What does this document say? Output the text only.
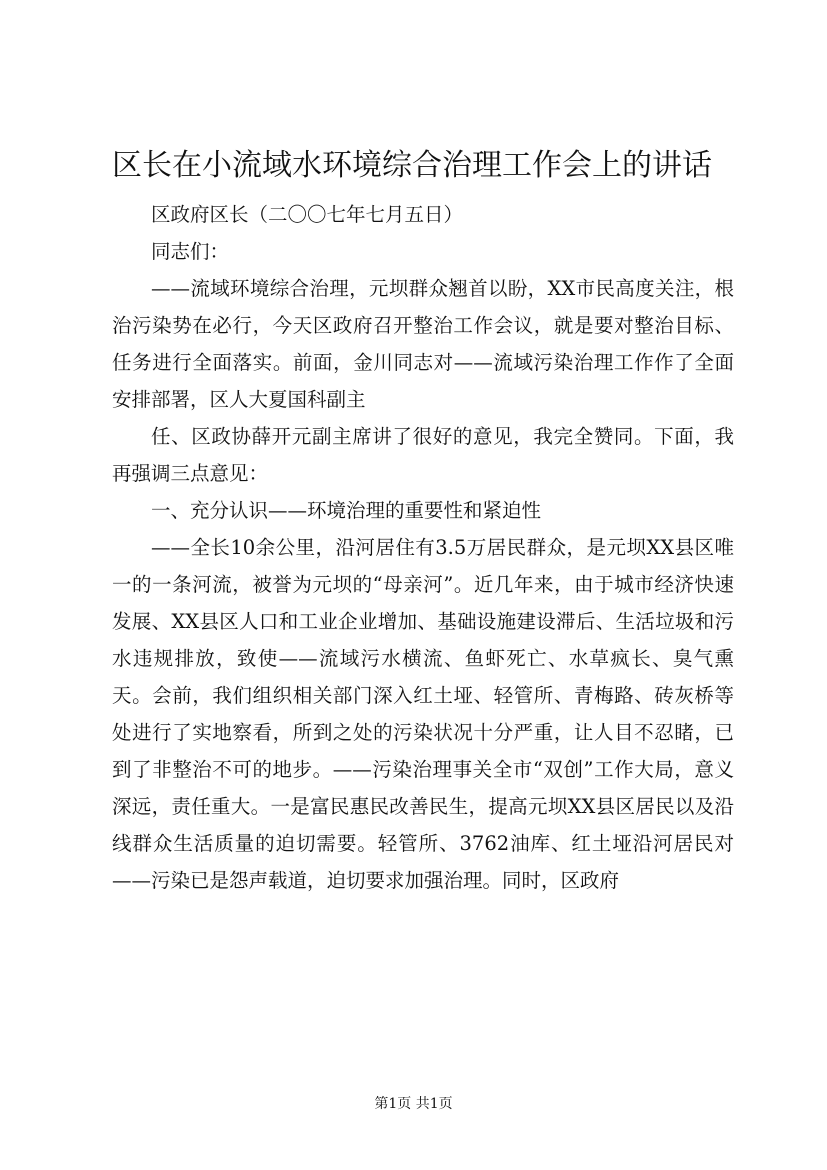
区长在小流域水环境综合治理工作会上的讲话

区政府区长（二〇〇七年七月五日）

同志们：

——流域环境综合治理，元坝群众翘首以盼，XX市民高度关注，根治污染势在必行，今天区政府召开整治工作会议，就是要对整治目标、任务进行全面落实。前面，金川同志对——流域污染治理工作作了全面安排部署，区人大夏国科副主

任、区政协薛开元副主席讲了很好的意见，我完全赞同。下面，我再强调三点意见：

一、充分认识——环境治理的重要性和紧迫性

——全长10余公里，沿河居住有3.5万居民群众，是元坝XX县区唯一的一条河流，被誉为元坝的“母亲河”。近几年来，由于城市经济快速发展、XX县区人口和工业企业增加、基础设施建设滞后、生活垃圾和污水违规排放，致使——流域污水横流、鱼虾死亡、水草疯长、臭气熏天。会前，我们组织相关部门深入红土垭、轻管所、青梅路、砖灰桥等处进行了实地察看，所到之处的污染状况十分严重，让人目不忍睹，已到了非整治不可的地步。——污染治理事关全市“双创”工作大局，意义深远，责任重大。一是富民惠民改善民生，提高元坝XX县区居民以及沿线群众生活质量的迫切需要。轻管所、3762油库、红土垭沿河居民对——污染已是怨声载道，迫切要求加强治理。同时，区政府

第1页 共1页
